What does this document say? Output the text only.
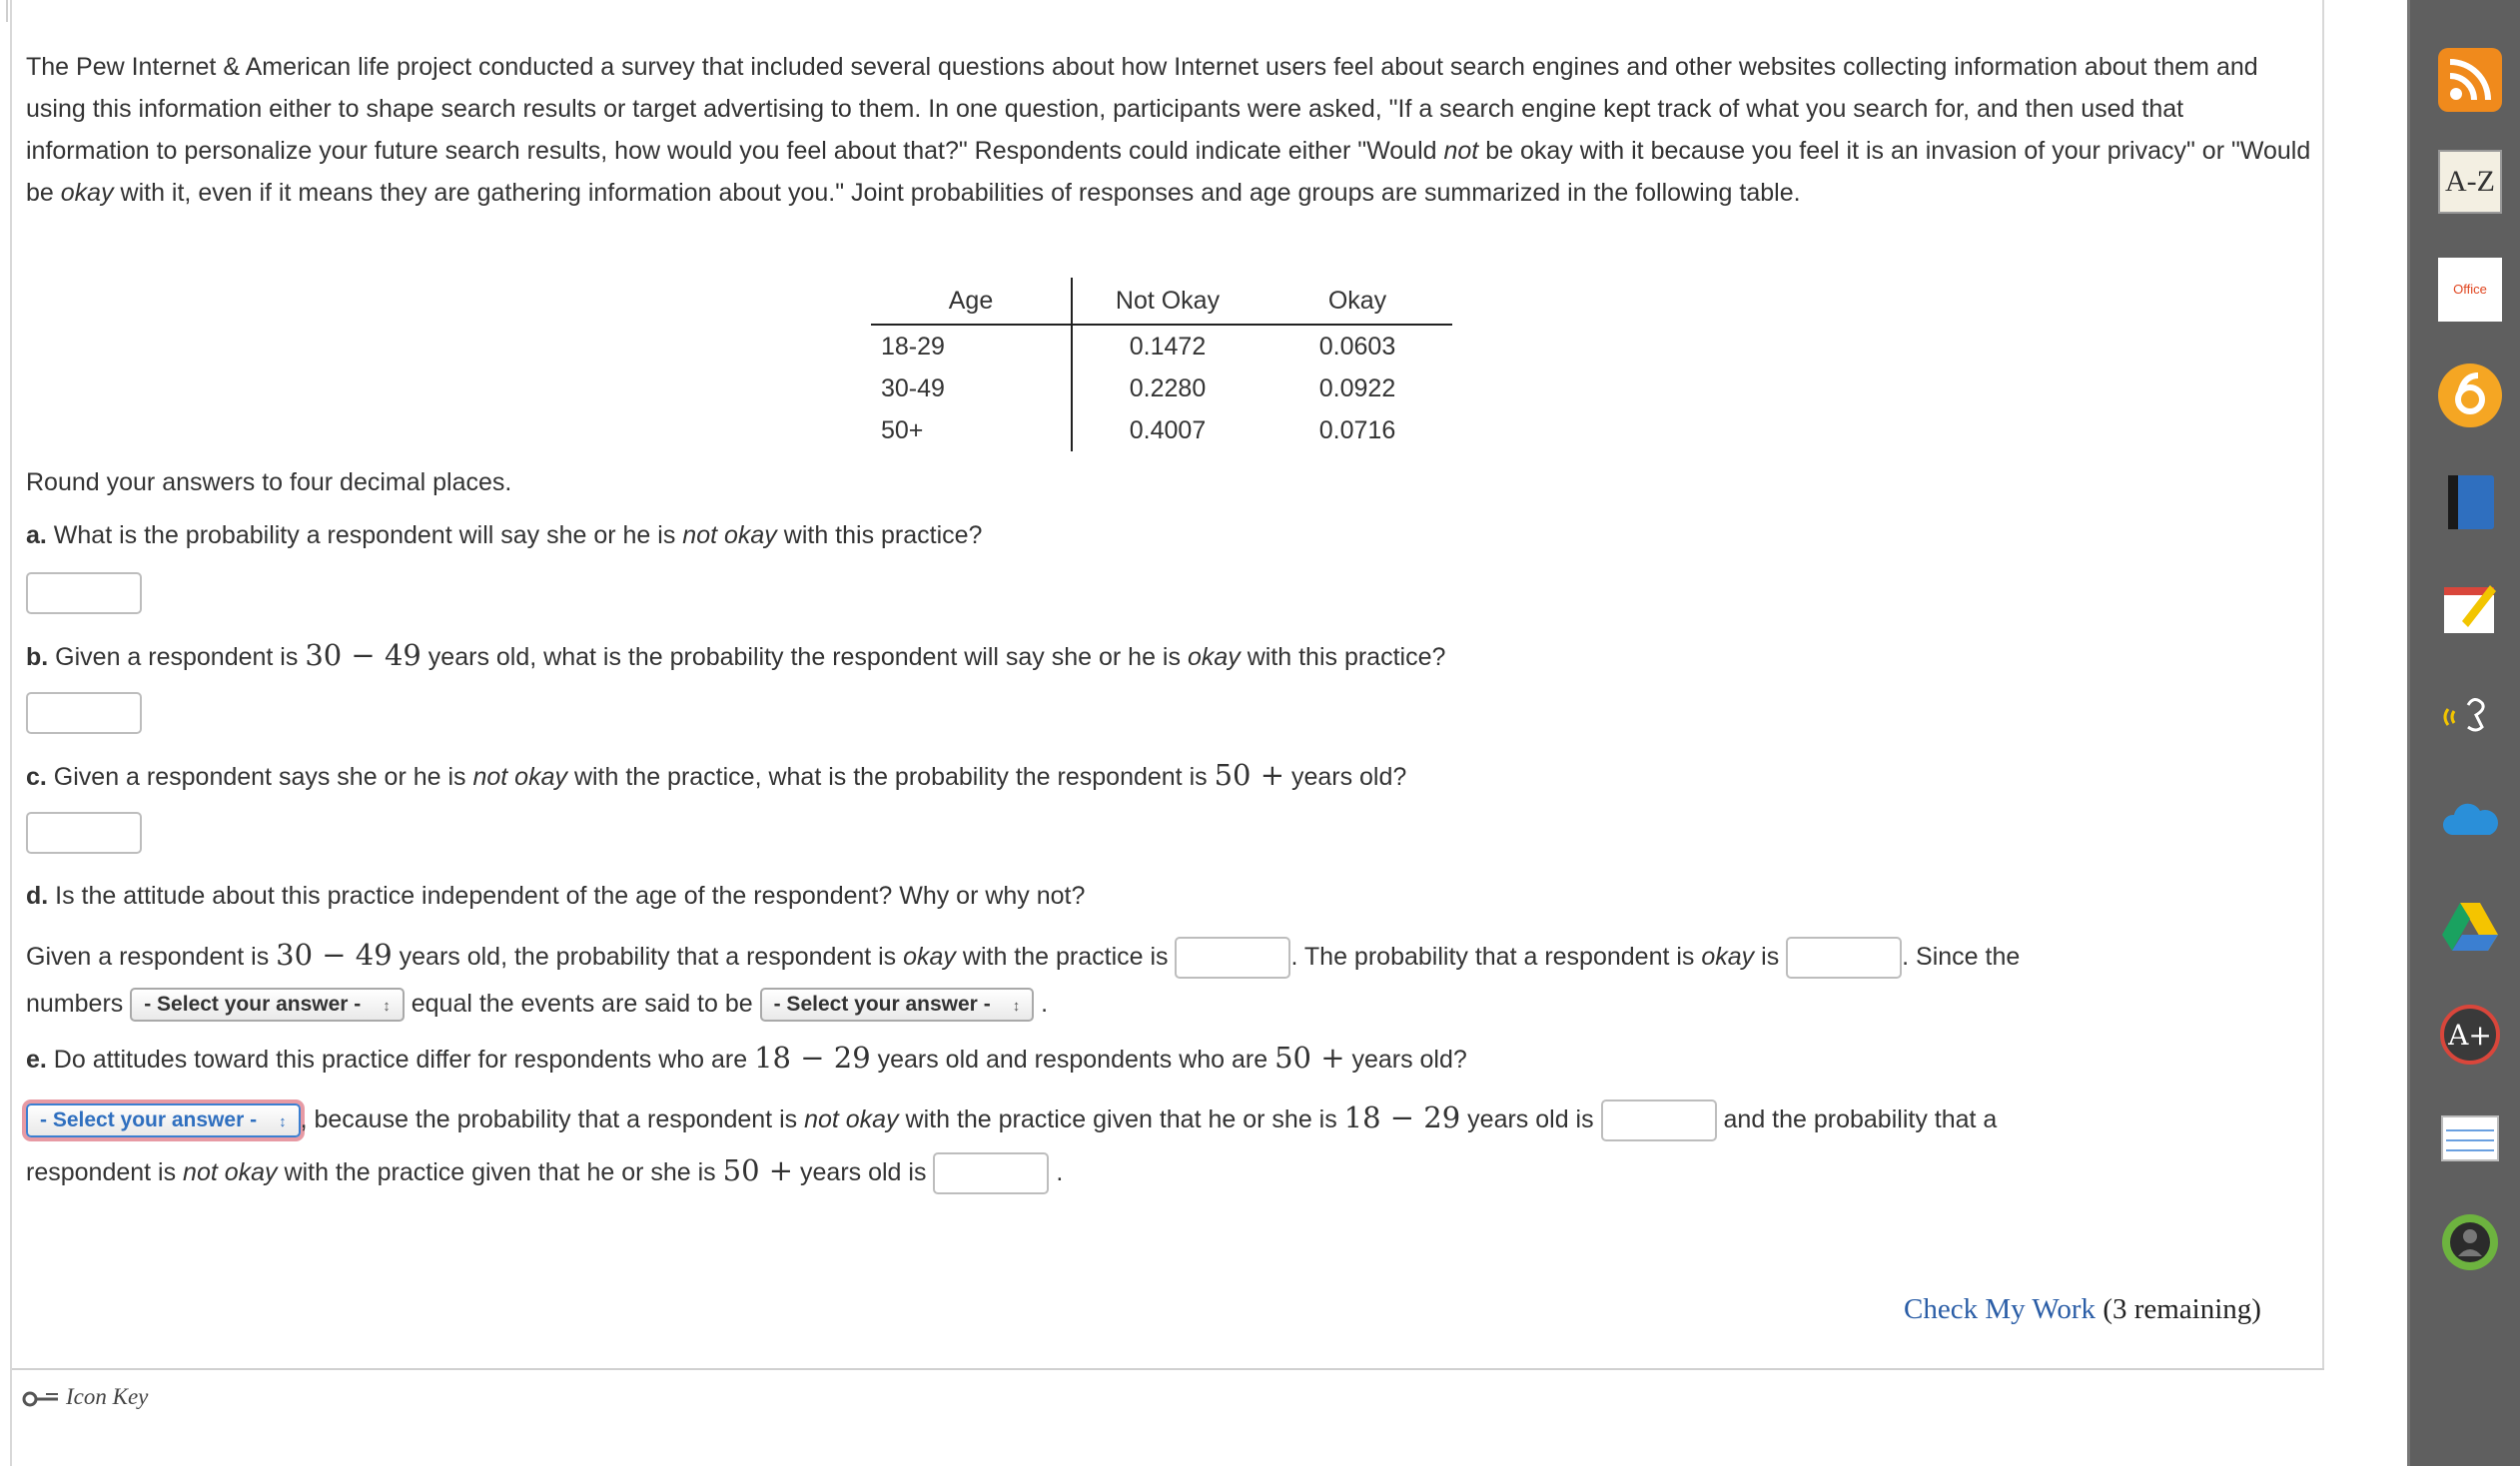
The Pew Internet & American life project conducted a survey that included several questions about how Internet users feel about search engines and other websites collecting information about them and using this information either to shape search results or target advertising to them. In one question, participants were asked, "If a search engine kept track of what you search for, and then used that information to personalize your future search results, how would you feel about that?" Respondents could indicate either "Would not be okay with it because you feel it is an invasion of your privacy" or "Would be okay with it, even if it means they are gathering information about you." Joint probabilities of responses and age groups are summarized in the following table.

Age	Not Okay	Okay
18-29	0.1472	0.0603
30-49	0.2280	0.0922
50+	0.4007	0.0716

Round your answers to four decimal places.

a. What is the probability a respondent will say she or he is not okay with this practice?

b. Given a respondent is 30 − 49 years old, what is the probability the respondent will say she or he is okay with this practice?

c. Given a respondent says she or he is not okay with the practice, what is the probability the respondent is 50 + years old?

d. Is the attitude about this practice independent of the age of the respondent? Why or why not?

Given a respondent is 30 − 49 years old, the probability that a respondent is okay with the practice is	. The probability that a respondent is okay is	. Since the

numbers - Select your answer - ↕ equal the events are said to be - Select your answer - ↕ .

e. Do attitudes toward this practice differ for respondents who are 18 − 29 years old and respondents who are 50 + years old?

- Select your answer - ↕ , because the probability that a respondent is not okay with the practice given that he or she is 18 − 29 years old is	and the probability that a

respondent is not okay with the practice given that he or she is 50 + years old is	.

Check My Work (3 remaining)
Icon Key
A-Z
Office
A+
